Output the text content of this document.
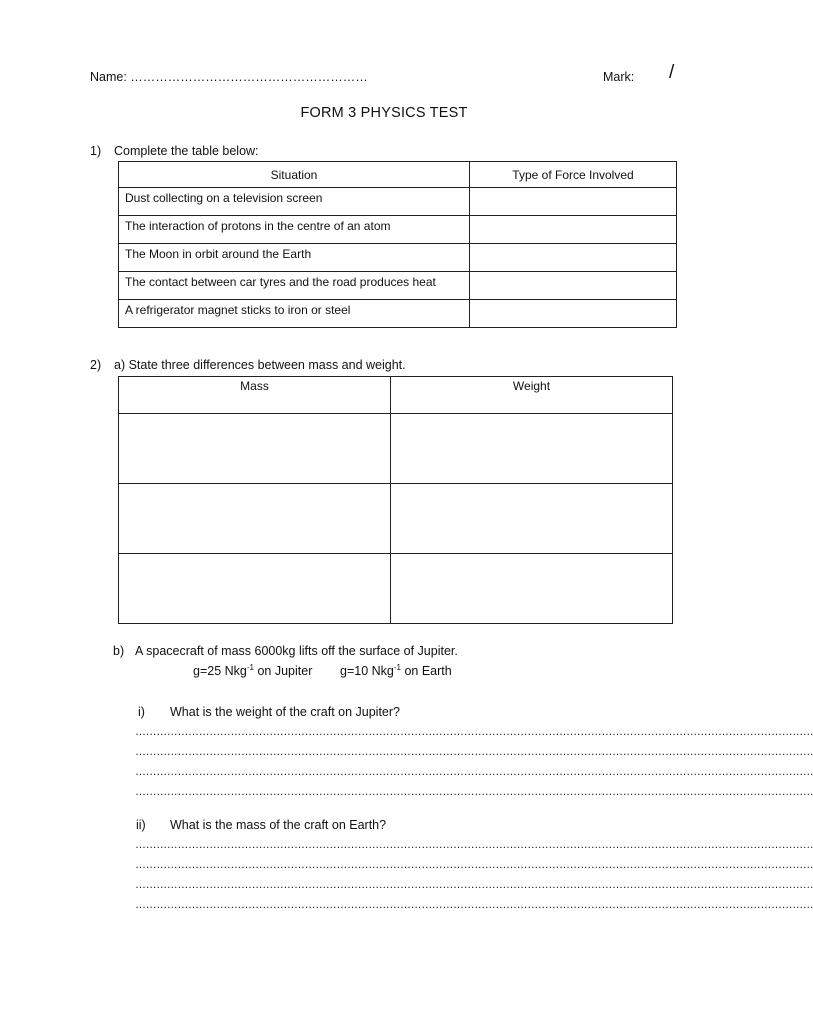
Name: …………………………………………………	Mark: /
FORM 3 PHYSICS TEST
1) Complete the table below:
Situation	Type of Force Involved
Dust collecting on a television screen	
The interaction of protons in the centre of an atom	
The Moon in orbit around the Earth	
The contact between car tyres and the road produces heat	
A refrigerator magnet sticks to iron or steel	
2) a) State three differences between mass and weight.
Mass	Weight

b) A spacecraft of mass 6000kg lifts off the surface of Jupiter.
g=25 Nkg$^{-1}$ on Jupiter g=10 Nkg$^{-1}$ on Earth
i) What is the weight of the craft on Jupiter?
…………………………………………………………………………………………………………………………………………………………………………
…………………………………………………………………………………………………………………………………………………………………………
…………………………………………………………………………………………………………………………………………………………………………
…………………………………………………………………………………………………………………………………………………………………………
ii) What is the mass of the craft on Earth?
…………………………………………………………………………………………………………………………………………………………………………
…………………………………………………………………………………………………………………………………………………………………………
…………………………………………………………………………………………………………………………………………………………………………
…………………………………………………………………………………………………………………………………………………………………………
